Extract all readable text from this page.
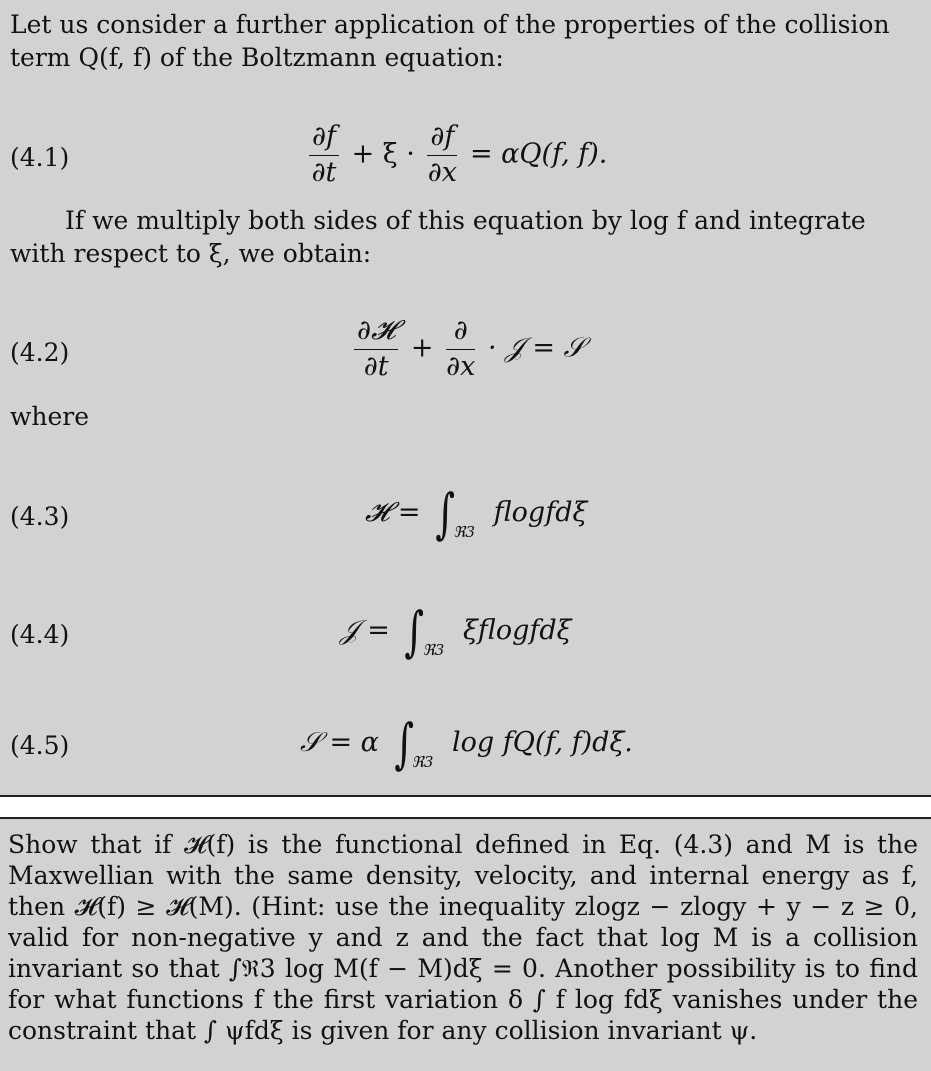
Let us consider a further application of the properties of the collision term Q(f, f) of the Boltzmann equation:

(4.1)	$\frac{\partial f}{\partial t} + \xi \cdot \frac{\partial f}{\partial x} = \alpha Q(f$, f).

If we multiply both sides of this equation by log f and integrate with respect to ξ, we obtain:

(4.2)	$\frac{\text{∂𝓗}}{\partial t} + \frac{\partial}{\partial x}$ · 𝒥 = 𝒮
where
(4.3)	𝓗 = $\int_{ℜ3}$ flogfdξ
(4.4)	𝒥 = $\int_{ℜ3}$ ξflogfdξ
(4.5)	𝒮 = α $\int_{ℜ3}$ log fQ(f, f)dξ.

Show that if 𝓗(f) is the functional defined in Eq. (4.3) and M is the Maxwellian with the same density, velocity, and internal energy as f, then 𝓗(f) ≥ 𝓗(M). (Hint: use the inequality zlogz − zlogy + y − z ≥ 0, valid for non-negative y and z and the fact that log M is a collision invariant so that ∫ℜ3 log M(f − M)dξ = 0. Another possibility is to find for what functions f the first variation δ ∫ f log fdξ vanishes under the constraint that ∫ ψfdξ is given for any collision invariant ψ.
